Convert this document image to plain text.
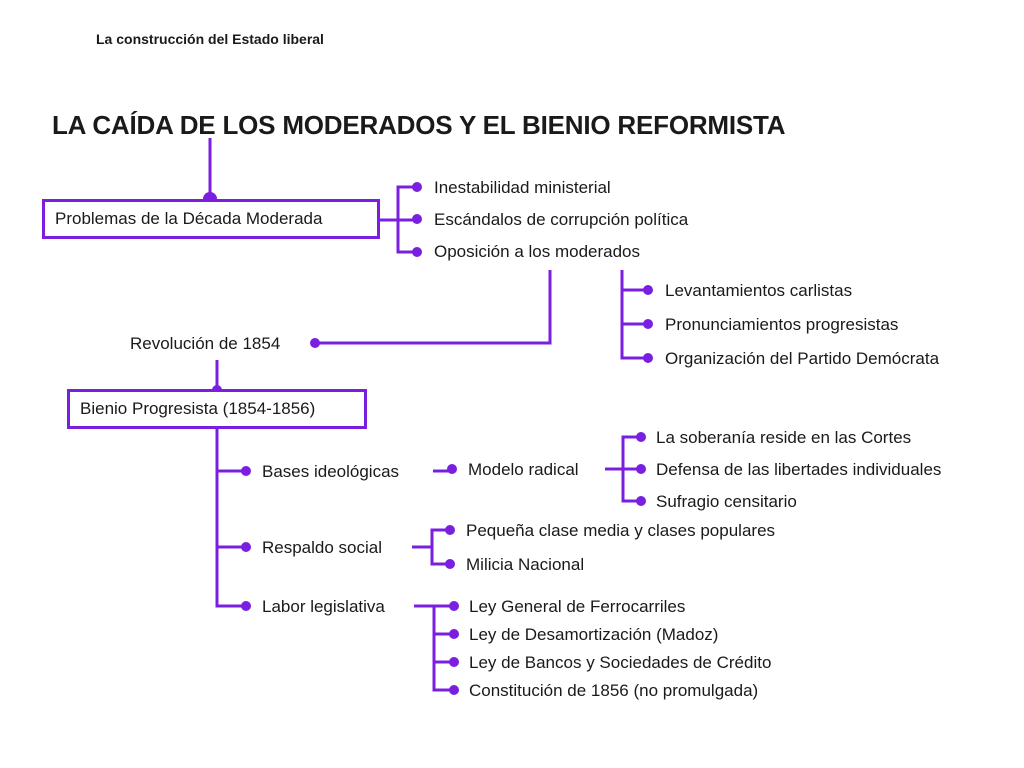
La construcción del Estado liberal
LA CAÍDA DE LOS MODERADOS Y EL BIENIO REFORMISTA
Problemas de la Década Moderada
Inestabilidad ministerial
Escándalos de corrupción política
Oposición a los moderados
Levantamientos carlistas
Pronunciamientos progresistas
Organización del Partido Demócrata
Revolución de 1854
Bienio Progresista (1854-1856)
Bases ideológicas	Modelo radical
La soberanía reside en las Cortes
Defensa de las libertades individuales
Sufragio censitario
Respaldo social
Pequeña clase media y clases populares
Milicia Nacional
Labor legislativa	Ley General de Ferrocarriles
Ley de Desamortización (Madoz)
Ley de Bancos y Sociedades de Crédito
Constitución de 1856 (no promulgada)
